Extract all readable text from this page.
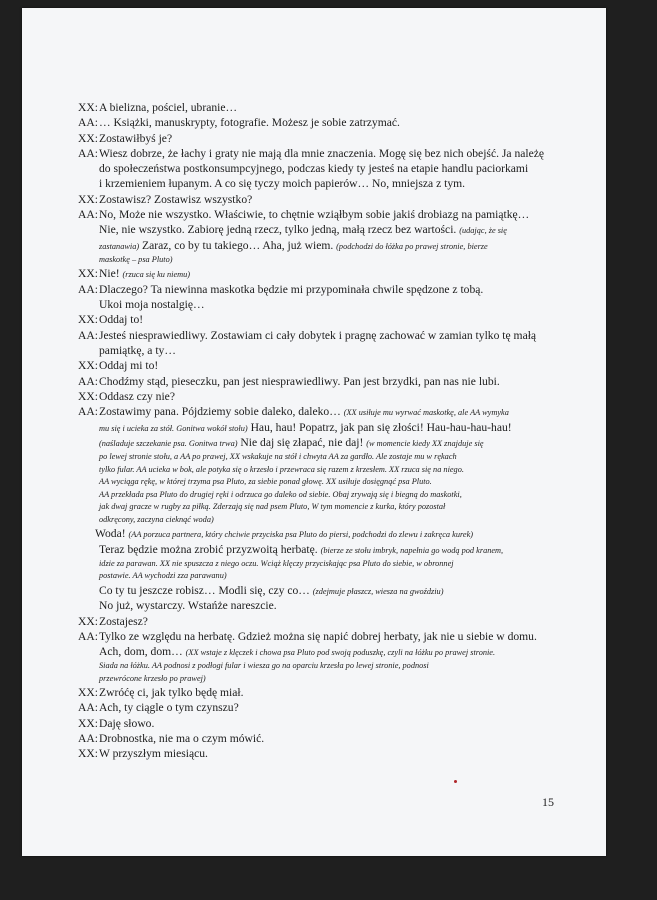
XX: A bielizna, pościel, ubranie…

AA: … Książki, manuskrypty, fotografie. Możesz je sobie zatrzymać.

XX: Zostawiłbyś je?

AA: Wiesz dobrze, że łachy i graty nie mają dla mnie znaczenia. Mogę się bez nich obejść. Ja należę

do społeczeństwa postkonsumpcyjnego, podczas kiedy ty jesteś na etapie handlu paciorkami

i krzemieniem łupanym. A co się tyczy moich papierów… No, mniejsza z tym.

XX: Zostawisz? Zostawisz wszystko?

AA: No, Może nie wszystko. Właściwie, to chętnie wziąłbym sobie jakiś drobiazg na pamiątkę…

Nie, nie wszystko. Zabiorę jedną rzecz, tylko jedną, małą rzecz bez wartości. (udając, że się

zastanawia) Zaraz, co by tu takiego… Aha, już wiem. (podchodzi do łóżka po prawej stronie, bierze

maskotkę – psa Pluto)

XX: Nie! (rzuca się ku niemu)

AA: Dlaczego? Ta niewinna maskotka będzie mi przypominała chwile spędzone z tobą.

Ukoi moja nostalgię…

XX: Oddaj to!

AA: Jesteś niesprawiedliwy. Zostawiam ci cały dobytek i pragnę zachować w zamian tylko tę małą

pamiątkę, a ty…

XX: Oddaj mi to!

AA: Chodźmy stąd, pieseczku, pan jest niesprawiedliwy. Pan jest brzydki, pan nas nie lubi.

XX: Oddasz czy nie?

AA: Zostawimy pana. Pójdziemy sobie daleko, daleko… (XX usiłuje mu wyrwać maskotkę, ale AA wymyka

mu się i ucieka za stół. Gonitwa wokół stołu) Hau, hau! Popatrz, jak pan się złości! Hau-hau-hau-hau!

(naśladuje szczekanie psa. Gonitwa trwa) Nie daj się złapać, nie daj! (w momencie kiedy XX znajduje się

po lewej stronie stołu, a AA po prawej, XX wskakuje na stół i chwyta AA za gardło. Ale zostaje mu w rękach

tylko fular. AA ucieka w bok, ale potyka się o krzesło i przewraca się razem z krzesłem. XX rzuca się na niego.

AA wyciąga rękę, w której trzyma psa Pluto, za siebie ponad głowę. XX usiłuje dosięgnąć psa Pluto.

AA przekłada psa Pluto do drugiej ręki i odrzuca go daleko od siebie. Obaj zrywają się i biegną do maskotki,

jak dwaj gracze w rugby za piłką. Zderzają się nad psem Pluto, W tym momencie z kurka, który pozostał

odkręcony, zaczyna cieknąć woda)

Woda! (AA porzuca partnera, który chciwie przyciska psa Pluto do piersi, podchodzi do zlewu i zakręca kurek)

Teraz będzie można zrobić przyzwoitą herbatę. (bierze ze stołu imbryk, napełnia go wodą pod kranem,

idzie za parawan. XX nie spuszcza z niego oczu. Wciąż klęczy przyciskając psa Pluto do siebie, w obronnej

postawie. AA wychodzi zza parawanu)

Co ty tu jeszcze robisz… Modli się, czy co… (zdejmuje płaszcz, wiesza na gwoździu)

No już, wystarczy. Wstańże nareszcie.

XX: Zostajesz?

AA: Tylko ze względu na herbatę. Gdzież można się napić dobrej herbaty, jak nie u siebie w domu.

Ach, dom, dom… (XX wstaje z klęczek i chowa psa Pluto pod swoją poduszkę, czyli na łóżku po prawej stronie.

Siada na łóżku. AA podnosi z podłogi fular i wiesza go na oparciu krzesła po lewej stronie, podnosi

przewrócone krzesło po prawej)

XX: Zwróćę ci, jak tylko będę miał.

AA: Ach, ty ciągle o tym czynszu?

XX: Daję słowo.

AA: Drobnostka, nie ma o czym mówić.

XX: W przyszłym miesiącu.

15
